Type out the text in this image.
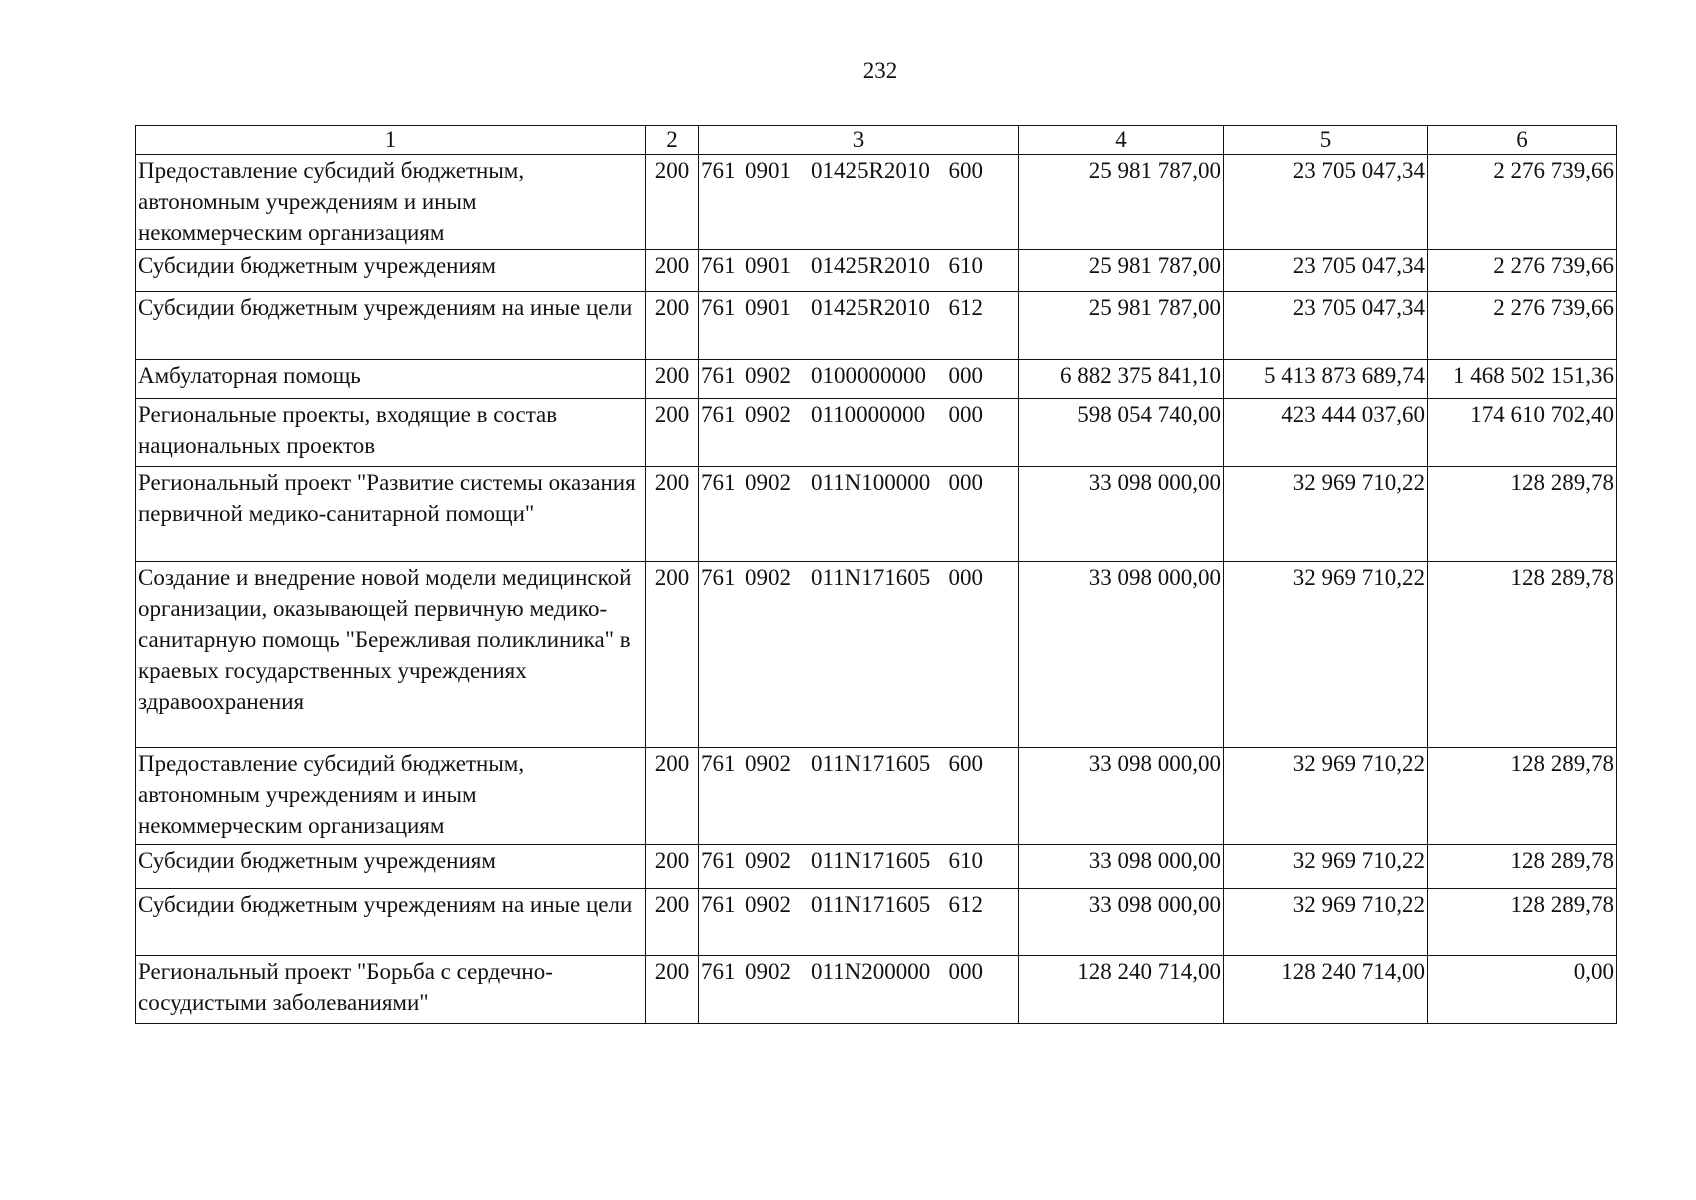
232
1	2	3	4	5	6
Предоставление субсидий бюджетным, автономным учреждениям и иным некоммерческим организациям	200	761 0901 01425R2010 600	25 981 787,00	23 705 047,34	2 276 739,66
Субсидии бюджетным учреждениям	200	761 0901 01425R2010 610	25 981 787,00	23 705 047,34	2 276 739,66
Субсидии бюджетным учреждениям на иные цели	200	761 0901 01425R2010 612	25 981 787,00	23 705 047,34	2 276 739,66
Амбулаторная помощь	200	761 0902 0100000000 000	6 882 375 841,10	5 413 873 689,74	1 468 502 151,36
Региональные проекты, входящие в состав национальных проектов	200	761 0902 0110000000 000	598 054 740,00	423 444 037,60	174 610 702,40
Региональный проект "Развитие системы оказания первичной медико-санитарной помощи"	200	761 0902 011N100000 000	33 098 000,00	32 969 710,22	128 289,78
Создание и внедрение новой модели медицинской организации, оказывающей первичную медико-санитарную помощь "Бережливая поликлиника" в краевых государственных учреждениях здравоохранения	200	761 0902 011N171605 000	33 098 000,00	32 969 710,22	128 289,78
Предоставление субсидий бюджетным, автономным учреждениям и иным некоммерческим организациям	200	761 0902 011N171605 600	33 098 000,00	32 969 710,22	128 289,78
Субсидии бюджетным учреждениям	200	761 0902 011N171605 610	33 098 000,00	32 969 710,22	128 289,78
Субсидии бюджетным учреждениям на иные цели	200	761 0902 011N171605 612	33 098 000,00	32 969 710,22	128 289,78
Региональный проект "Борьба с сердечно-сосудистыми заболеваниями"	200	761 0902 011N200000 000	128 240 714,00	128 240 714,00	0,00
